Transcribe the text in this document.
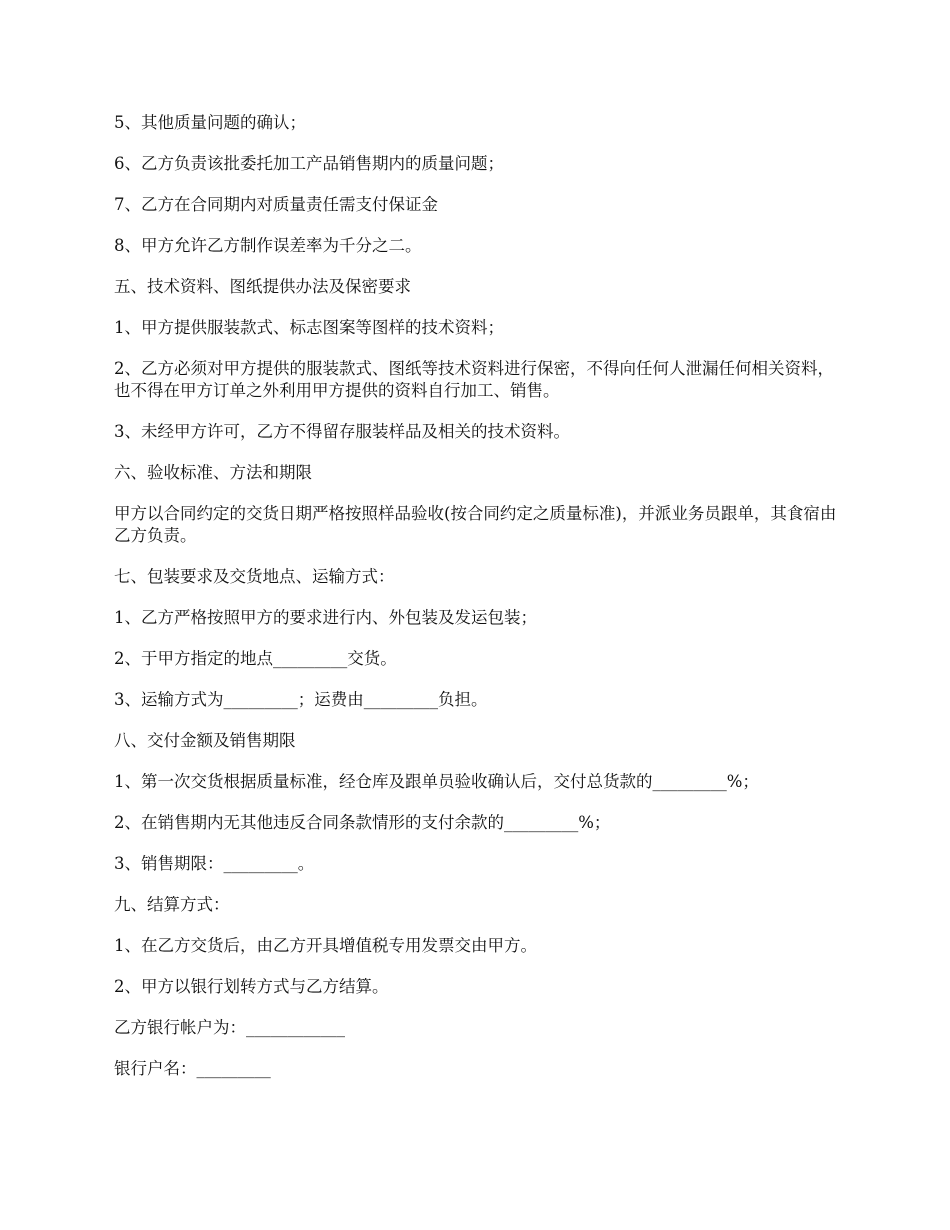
5、其他质量问题的确认；

6、乙方负责该批委托加工产品销售期内的质量问题；

7、乙方在合同期内对质量责任需支付保证金

8、甲方允许乙方制作误差率为千分之二。

五、技术资料、图纸提供办法及保密要求

1、甲方提供服装款式、标志图案等图样的技术资料；

2、乙方必须对甲方提供的服装款式、图纸等技术资料进行保密，不得向任何人泄漏任何相关资料，也不得在甲方订单之外利用甲方提供的资料自行加工、销售。

3、未经甲方许可，乙方不得留存服装样品及相关的技术资料。

六、验收标准、方法和期限

甲方以合同约定的交货日期严格按照样品验收(按合同约定之质量标准)，并派业务员跟单，其食宿由乙方负责。

七、包装要求及交货地点、运输方式：

1、乙方严格按照甲方的要求进行内、外包装及发运包装；

2、于甲方指定的地点_________交货。

3、运输方式为_________；运费由_________负担。

八、交付金额及销售期限

1、第一次交货根据质量标准，经仓库及跟单员验收确认后，交付总货款的_________%；

2、在销售期内无其他违反合同条款情形的支付余款的_________%；

3、销售期限：_________。

九、结算方式：

1、在乙方交货后，由乙方开具增值税专用发票交由甲方。

2、甲方以银行划转方式与乙方结算。

乙方银行帐户为：____________

银行户名：_________
